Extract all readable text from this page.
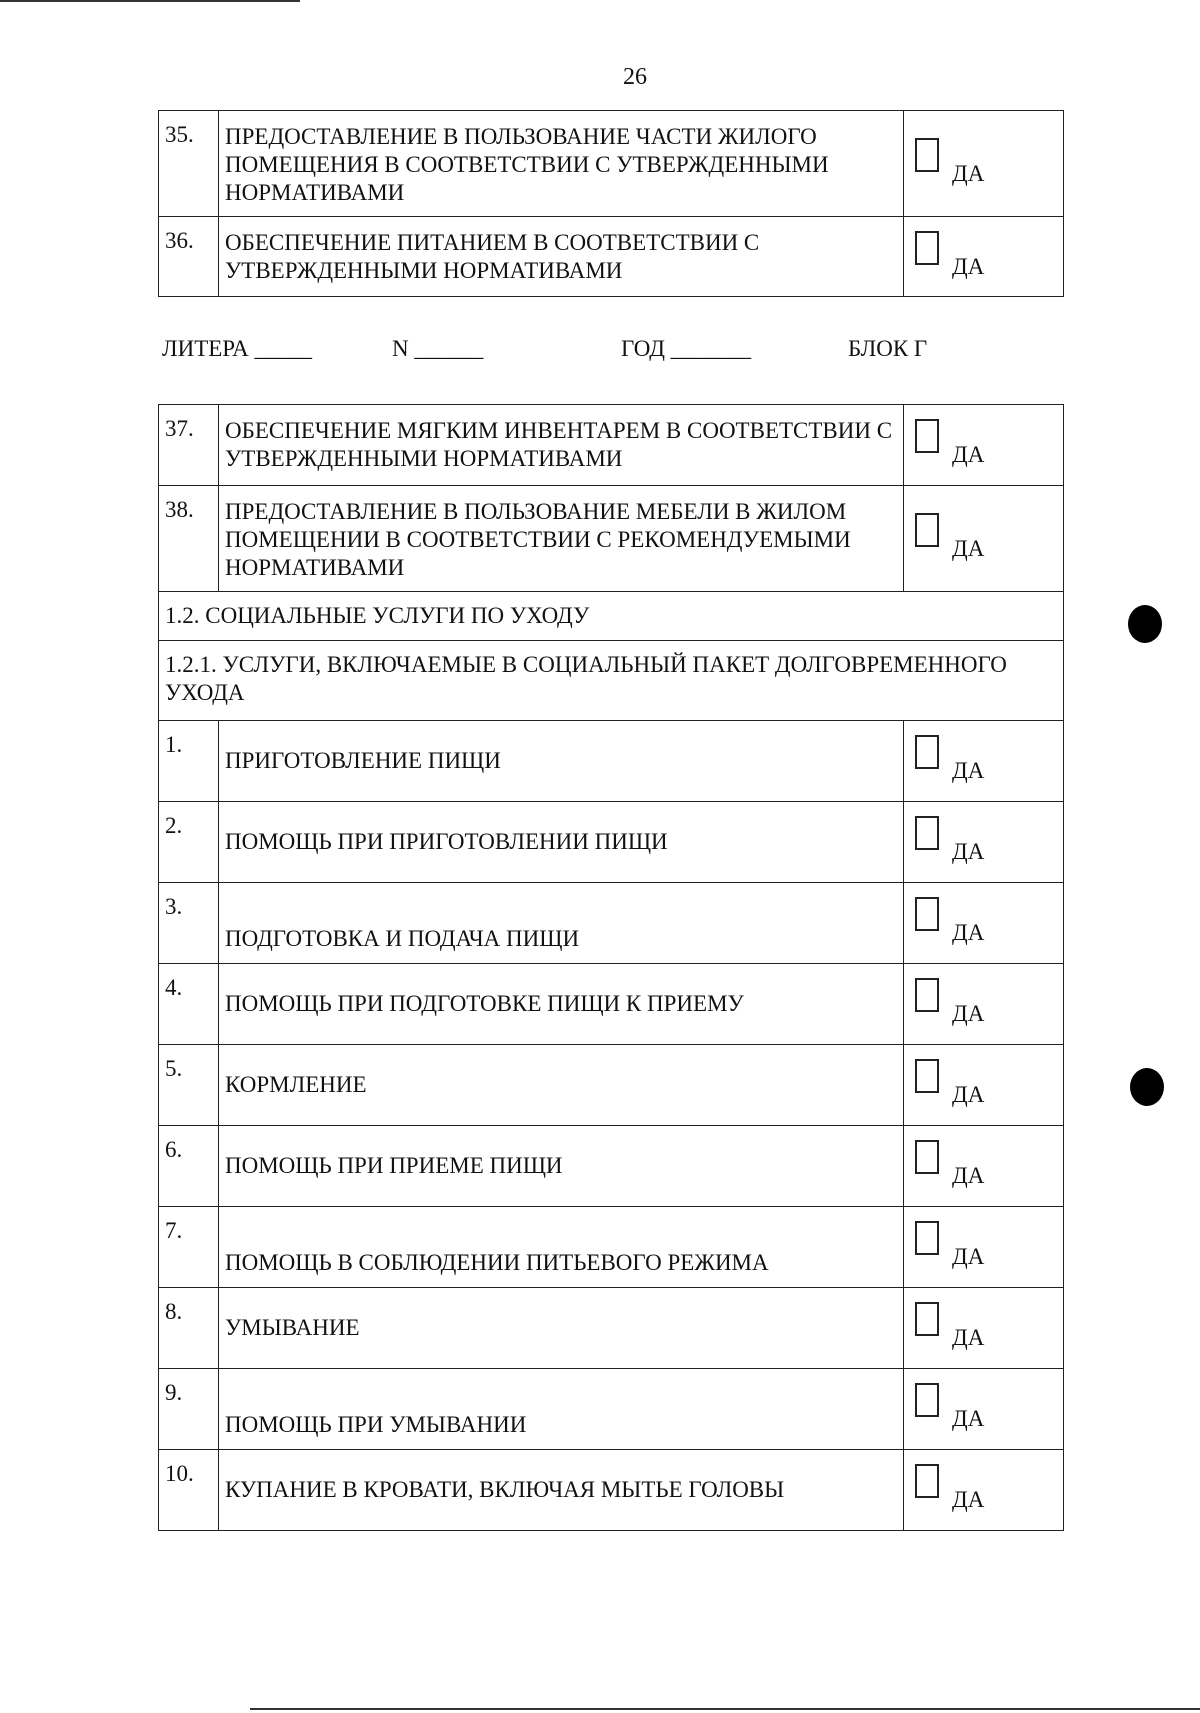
26
35.	ПРЕДОСТАВЛЕНИЕ В ПОЛЬЗОВАНИЕ ЧАСТИ ЖИЛОГО ПОМЕЩЕНИЯ В СООТВЕТСТВИИ С УТВЕРЖДЕННЫМИ НОРМАТИВАМИ	ДА

36.	ОБЕСПЕЧЕНИЕ ПИТАНИЕМ В СООТВЕТСТВИИ С УТВЕРЖДЕННЫМИ НОРМАТИВАМИ	ДА
ЛИТЕРА _____	N ______	ГОД _______	БЛОК Г
37.	ОБЕСПЕЧЕНИЕ МЯГКИМ ИНВЕНТАРЕМ В СООТВЕТСТВИИ С УТВЕРЖДЕННЫМИ НОРМАТИВАМИ	ДА

38.	ПРЕДОСТАВЛЕНИЕ В ПОЛЬЗОВАНИЕ МЕБЕЛИ В ЖИЛОМ ПОМЕЩЕНИИ В СООТВЕТСТВИИ С РЕКОМЕНДУЕМЫМИ НОРМАТИВАМИ	ДА

1.2. СОЦИАЛЬНЫЕ УСЛУГИ ПО УХОДУ		
1.2.1. УСЛУГИ, ВКЛЮЧАЕМЫЕ В СОЦИАЛЬНЫЙ ПАКЕТ ДОЛГОВРЕМЕННОГО УХОДА		
1.	ПРИГОТОВЛЕНИЕ ПИЩИ	ДА

2.	ПОМОЩЬ ПРИ ПРИГОТОВЛЕНИИ ПИЩИ	ДА

3.	ПОДГОТОВКА И ПОДАЧА ПИЩИ	ДА

4.	ПОМОЩЬ ПРИ ПОДГОТОВКЕ ПИЩИ К ПРИЕМУ	ДА

5.	КОРМЛЕНИЕ	ДА

6.	ПОМОЩЬ ПРИ ПРИЕМЕ ПИЩИ	ДА

7.	ПОМОЩЬ В СОБЛЮДЕНИИ ПИТЬЕВОГО РЕЖИМА	ДА

8.	УМЫВАНИЕ	ДА

9.	ПОМОЩЬ ПРИ УМЫВАНИИ	ДА

10.	КУПАНИЕ В КРОВАТИ, ВКЛЮЧАЯ МЫТЬЕ ГОЛОВЫ	ДА
